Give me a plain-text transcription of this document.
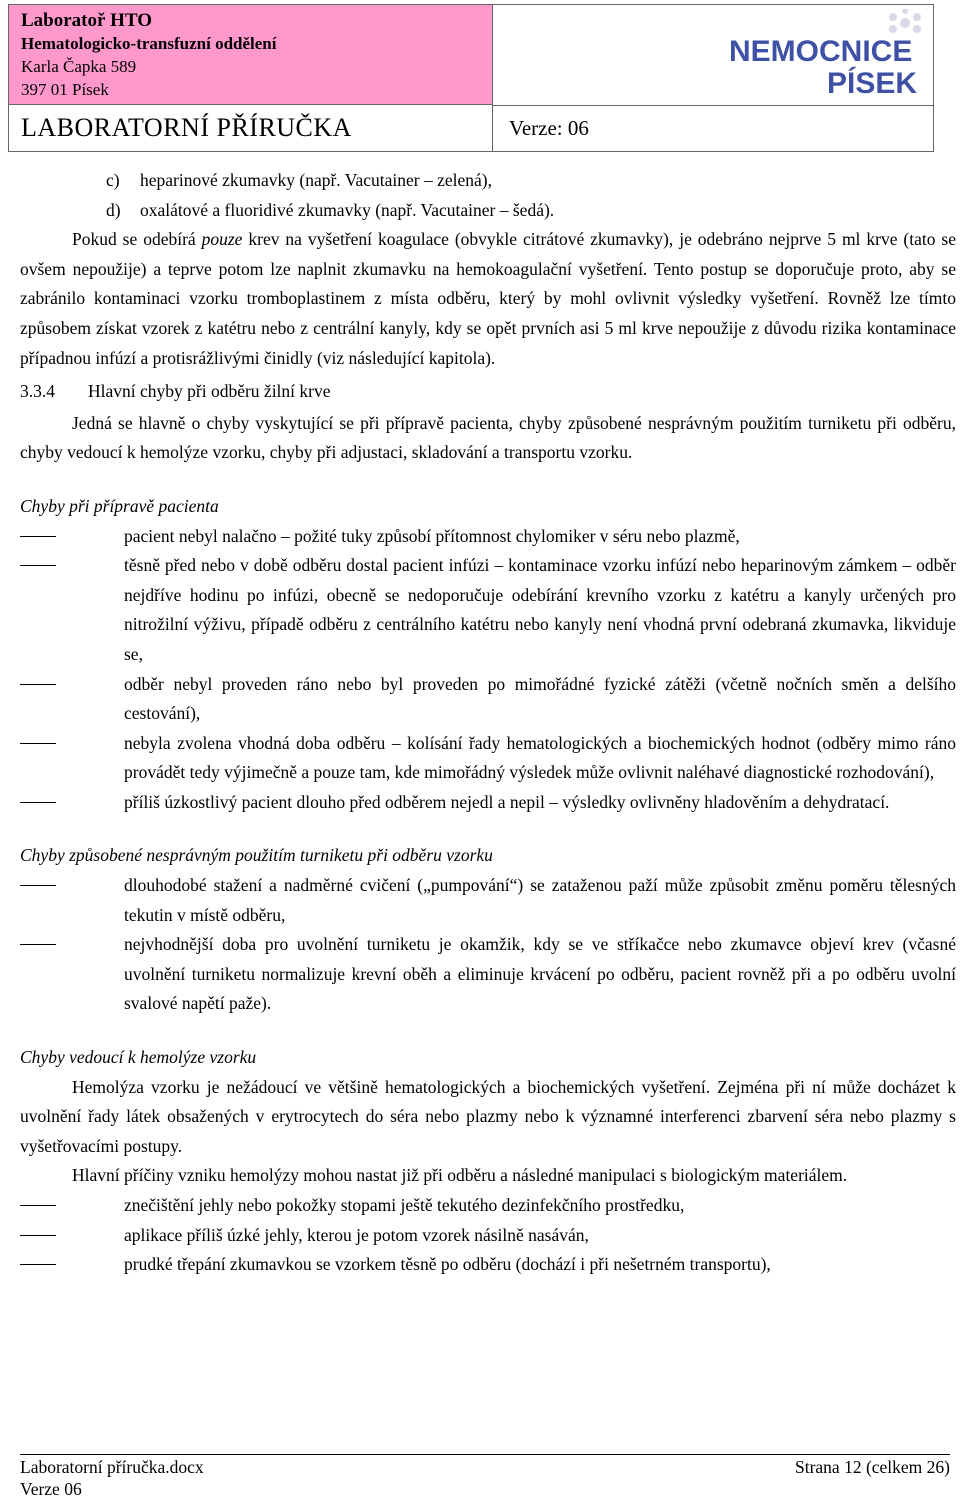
Laboratoř HTO
Hematologicko-transfuzní oddělení
Karla Čapka 589
397 01 Písek
NEMOCNICE
PÍSEK
LABORATORNÍ PŘÍRUČKA	Verze: 06

c) heparinové zkumavky (např. Vacutainer – zelená),

d) oxalátové a fluoridivé zkumavky (např. Vacutainer – šedá).

Pokud se odebírá pouze krev na vyšetření koagulace (obvykle citrátové zkumavky), je odebráno nejprve 5 ml krve (tato se ovšem nepoužije) a teprve potom lze naplnit zkumavku na hemokoagulační vyšetření. Tento postup se doporučuje proto, aby se zabránilo kontaminaci vzorku tromboplastinem z místa odběru, který by mohl ovlivnit výsledky vyšetření. Rovněž lze tímto způsobem získat vzorek z katétru nebo z centrální kanyly, kdy se opět prvních asi 5 ml krve nepoužije z důvodu rizika kontaminace případnou infúzí a protisrážlivými činidly (viz následující kapitola).

3.3.4 Hlavní chyby při odběru žilní krve

Jedná se hlavně o chyby vyskytující se při přípravě pacienta, chyby způsobené nesprávným použitím turniketu při odběru, chyby vedoucí k hemolýze vzorku, chyby při adjustaci, skladování a transportu vzorku.

Chyby při přípravě pacienta

pacient nebyl nalačno – požité tuky způsobí přítomnost chylomiker v séru nebo plazmě,

těsně před nebo v době odběru dostal pacient infúzi – kontaminace vzorku infúzí nebo heparinovým zámkem – odběr nejdříve hodinu po infúzi, obecně se nedoporučuje odebírání krevního vzorku z katétru a kanyly určených pro nitrožilní výživu, případě odběru z centrálního katétru nebo kanyly není vhodná první odebraná zkumavka, likviduje se,

odběr nebyl proveden ráno nebo byl proveden po mimořádné fyzické zátěži (včetně nočních směn a delšího cestování),

nebyla zvolena vhodná doba odběru – kolísání řady hematologických a biochemických hodnot (odběry mimo ráno provádět tedy výjimečně a pouze tam, kde mimořádný výsledek může ovlivnit naléhavé diagnostické rozhodování),

příliš úzkostlivý pacient dlouho před odběrem nejedl a nepil – výsledky ovlivněny hladověním a dehydratací.

Chyby způsobené nesprávným použitím turniketu při odběru vzorku

dlouhodobé stažení a nadměrné cvičení („pumpování“) se zataženou paží může způsobit změnu poměru tělesných tekutin v místě odběru,

nejvhodnější doba pro uvolnění turniketu je okamžik, kdy se ve stříkačce nebo zkumavce objeví krev (včasné uvolnění turniketu normalizuje krevní oběh a eliminuje krvácení po odběru, pacient rovněž při a po odběru uvolní svalové napětí paže).

Chyby vedoucí k hemolýze vzorku

Hemolýza vzorku je nežádoucí ve většině hematologických a biochemických vyšetření. Zejména při ní může docházet k uvolnění řady látek obsažených v erytrocytech do séra nebo plazmy nebo k významné interferenci zbarvení séra nebo plazmy s vyšetřovacími postupy.

Hlavní příčiny vzniku hemolýzy mohou nastat již při odběru a následné manipulaci s biologickým materiálem.

znečištění jehly nebo pokožky stopami ještě tekutého dezinfekčního prostředku,

aplikace příliš úzké jehly, kterou je potom vzorek násilně nasáván,

prudké třepání zkumavkou se vzorkem těsně po odběru (dochází i při nešetrném transportu),

Laboratorní příručka.docx
Verze 06
Strana 12 (celkem 26)
